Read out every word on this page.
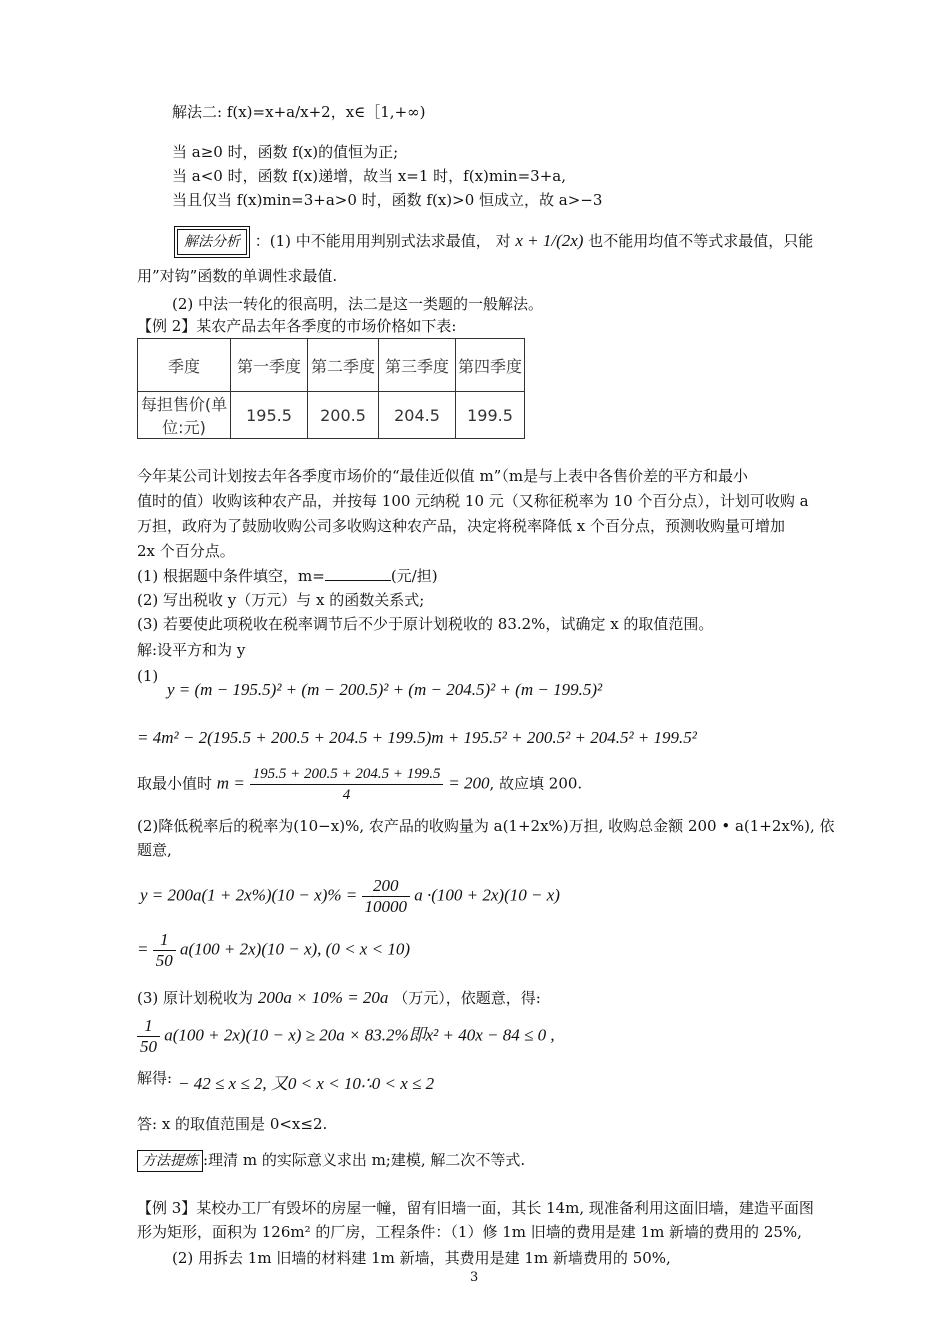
解法二: f(x)=x+a/x+2，x∈［1,+∞)
当 a≥0 时，函数 f(x)的值恒为正;
当 a<0 时，函数 f(x)递增，故当 x=1 时，f(x)min=3+a,
当且仅当 f(x)min=3+a>0 时，函数 f(x)>0 恒成立，故 a>−3
解法分析 ：(1) 中不能用用判别式法求最值， 对 x + 1/(2x) 也不能用均值不等式求最值，只能
用”对钩”函数的单调性求最值.
(2) 中法一转化的很高明，法二是这一类题的一般解法。
【例 2】某农产品去年各季度的市场价格如下表:
季度	第一季度	第二季度	第三季度	第四季度
每担售价(单位:元)	195.5	200.5	204.5	199.5
今年某公司计划按去年各季度市场价的“最佳近似值 m”（m是与上表中各售价差的平方和最小
值时的值）收购该种农产品，并按每 100 元纳税 10 元（又称征税率为 10 个百分点），计划可收购 a
万担，政府为了鼓励收购公司多收购这种农产品，决定将税率降低 x 个百分点，预测收购量可增加
2x 个百分点。
(1) 根据题中条件填空，m=	(元/担)
(2) 写出税收 y（万元）与 x 的函数关系式;
(3) 若要使此项税收在税率调节后不少于原计划税收的 83.2%，试确定 x 的取值范围。
解:设平方和为 y
(1)
y = (m − 195.5)² + (m − 200.5)² + (m − 204.5)² + (m − 199.5)²
= 4m² − 2(195.5 + 200.5 + 204.5 + 199.5)m + 195.5² + 200.5² + 204.5² + 199.5²
取最小值时 $m = \frac{195.5 + 200.5 + 204.5 + 199.5}{4} = 200$, 故应填 200.
(2)降低税率后的税率为(10−x)%, 农产品的收购量为 a(1+2x%)万担, 收购总金额 200 • a(1+2x%), 依
题意,
$y = 200a(1 + 2x\%)(10 - x)\% = \frac{200}{10000}$ a ·(100 + 2x)(10 − x)
= $\frac{1}{50} a(100 + 2x)(10 - x)$, (0 < x < 10)
(3) 原计划税收为 200a × 10% = 20a （万元），依题意，得:
$\frac{1}{50} a(100 + 2x)(10 - x) \ge 20a \times 83.2\%$即x² + 40x − 84 ≤ 0 ,
解得: − 42 ≤ x ≤ 2, 又0 < x < 10∴0 < x ≤ 2
答: x 的取值范围是 0<x≤2.
方法提炼 :理清 m 的实际意义求出 m;建模, 解二次不等式.
【例 3】某校办工厂有毁坏的房屋一幢，留有旧墙一面，其长 14m, 现准备利用这面旧墙，建造平面图
形为矩形，面积为 126m² 的厂房，工程条件：（1）修 1m 旧墙的费用是建 1m 新墙的费用的 25%,
(2) 用拆去 1m 旧墙的材料建 1m 新墙，其费用是建 1m 新墙费用的 50%,
3
